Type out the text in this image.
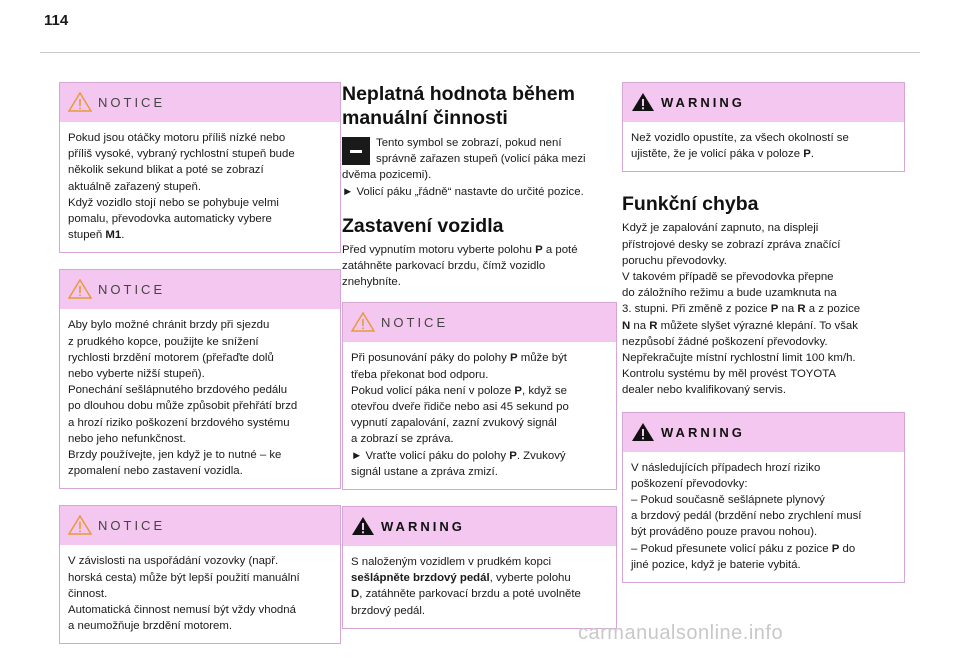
114
NOTICE

Pokud jsou otáčky motoru příliš nízké nebo

příliš vysoké, vybraný rychlostní stupeň bude

několik sekund blikat a poté se zobrazí

aktuálně zařazený stupeň.

Když vozidlo stojí nebo se pohybuje velmi

pomalu, převodovka automaticky vybere

stupeň M1.

NOTICE

Aby bylo možné chránit brzdy při sjezdu

z prudkého kopce, použijte ke snížení

rychlosti brzdění motorem (přeřaďte dolů

nebo vyberte nižší stupeň).

Ponechání sešlápnutého brzdového pedálu

po dlouhou dobu může způsobit přehřátí brzd

a hrozí riziko poškození brzdového systému

nebo jeho nefunkčnost.

Brzdy používejte, jen když je to nutné – ke

zpomalení nebo zastavení vozidla.

NOTICE

V závislosti na uspořádání vozovky (např.

horská cesta) může být lepší použití manuální

činnost.

Automatická činnost nemusí být vždy vhodná

a neumožňuje brzdění motorem.

Neplatná hodnota během
manuální činnosti

Tento symbol se zobrazí, pokud není

správně zařazen stupeň (volicí páka mezi

dvěma pozicemi).

► Volicí páku „řádně“ nastavte do určité pozice.

Zastavení vozidla

Před vypnutím motoru vyberte polohu P a poté

zatáhněte parkovací brzdu, čímž vozidlo

znehybníte.

NOTICE

Při posunování páky do polohy P může být

třeba překonat bod odporu.

Pokud volicí páka není v poloze P, když se

otevřou dveře řidiče nebo asi 45 sekund po

vypnutí zapalování, zazní zvukový signál

a zobrazí se zpráva.

► Vraťte volicí páku do polohy P. Zvukový

signál ustane a zpráva zmizí.

WARNING

S naloženým vozidlem v prudkém kopci

sešlápněte brzdový pedál, vyberte polohu

D, zatáhněte parkovací brzdu a poté uvolněte

brzdový pedál.

WARNING

Než vozidlo opustíte, za všech okolností se

ujistěte, že je volicí páka v poloze P.

Funkční chyba

Když je zapalování zapnuto, na displeji

přístrojové desky se zobrazí zpráva značící

poruchu převodovky.

V takovém případě se převodovka přepne

do záložního režimu a bude uzamknuta na

3. stupni. Při změně z pozice P na R a z pozice

N na R můžete slyšet výrazné klepání. To však

nezpůsobí žádné poškození převodovky.

Nepřekračujte místní rychlostní limit 100 km/h.

Kontrolu systému by měl provést TOYOTA

dealer nebo kvalifikovaný servis.

WARNING

V následujících případech hrozí riziko

poškození převodovky:

– Pokud současně sešlápnete plynový

a brzdový pedál (brzdění nebo zrychlení musí

být prováděno pouze pravou nohou).

– Pokud přesunete volicí páku z pozice P do

jiné pozice, když je baterie vybitá.

carmanualsonline.info
